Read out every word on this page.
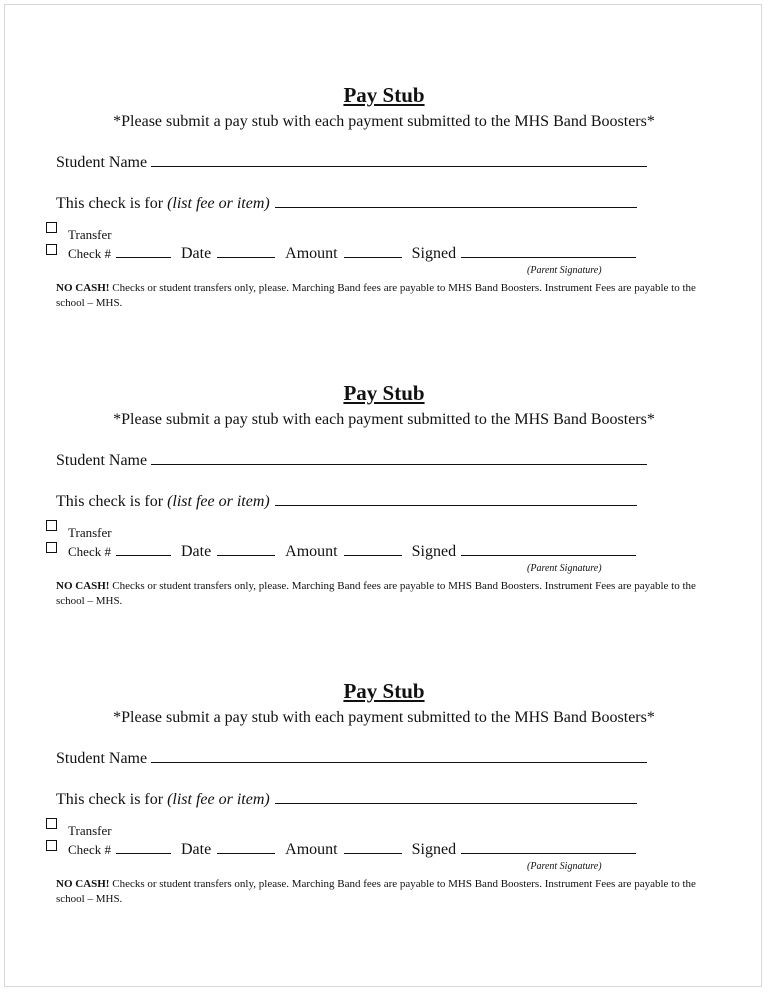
Pay Stub
*Please submit a pay stub with each payment submitted to the MHS Band Boosters*
Student Name
This check is for (list fee or item)
Transfer
Check #	Date	Amount	Signed
(Parent Signature)
NO CASH! Checks or student transfers only, please. Marching Band fees are payable to MHS Band Boosters. Instrument Fees are payable to the school – MHS.
Pay Stub
*Please submit a pay stub with each payment submitted to the MHS Band Boosters*
Student Name
This check is for (list fee or item)
Transfer
Check #	Date	Amount	Signed
(Parent Signature)
NO CASH! Checks or student transfers only, please. Marching Band fees are payable to MHS Band Boosters. Instrument Fees are payable to the school – MHS.
Pay Stub
*Please submit a pay stub with each payment submitted to the MHS Band Boosters*
Student Name
This check is for (list fee or item)
Transfer
Check #	Date	Amount	Signed
(Parent Signature)
NO CASH! Checks or student transfers only, please. Marching Band fees are payable to MHS Band Boosters. Instrument Fees are payable to the school – MHS.
